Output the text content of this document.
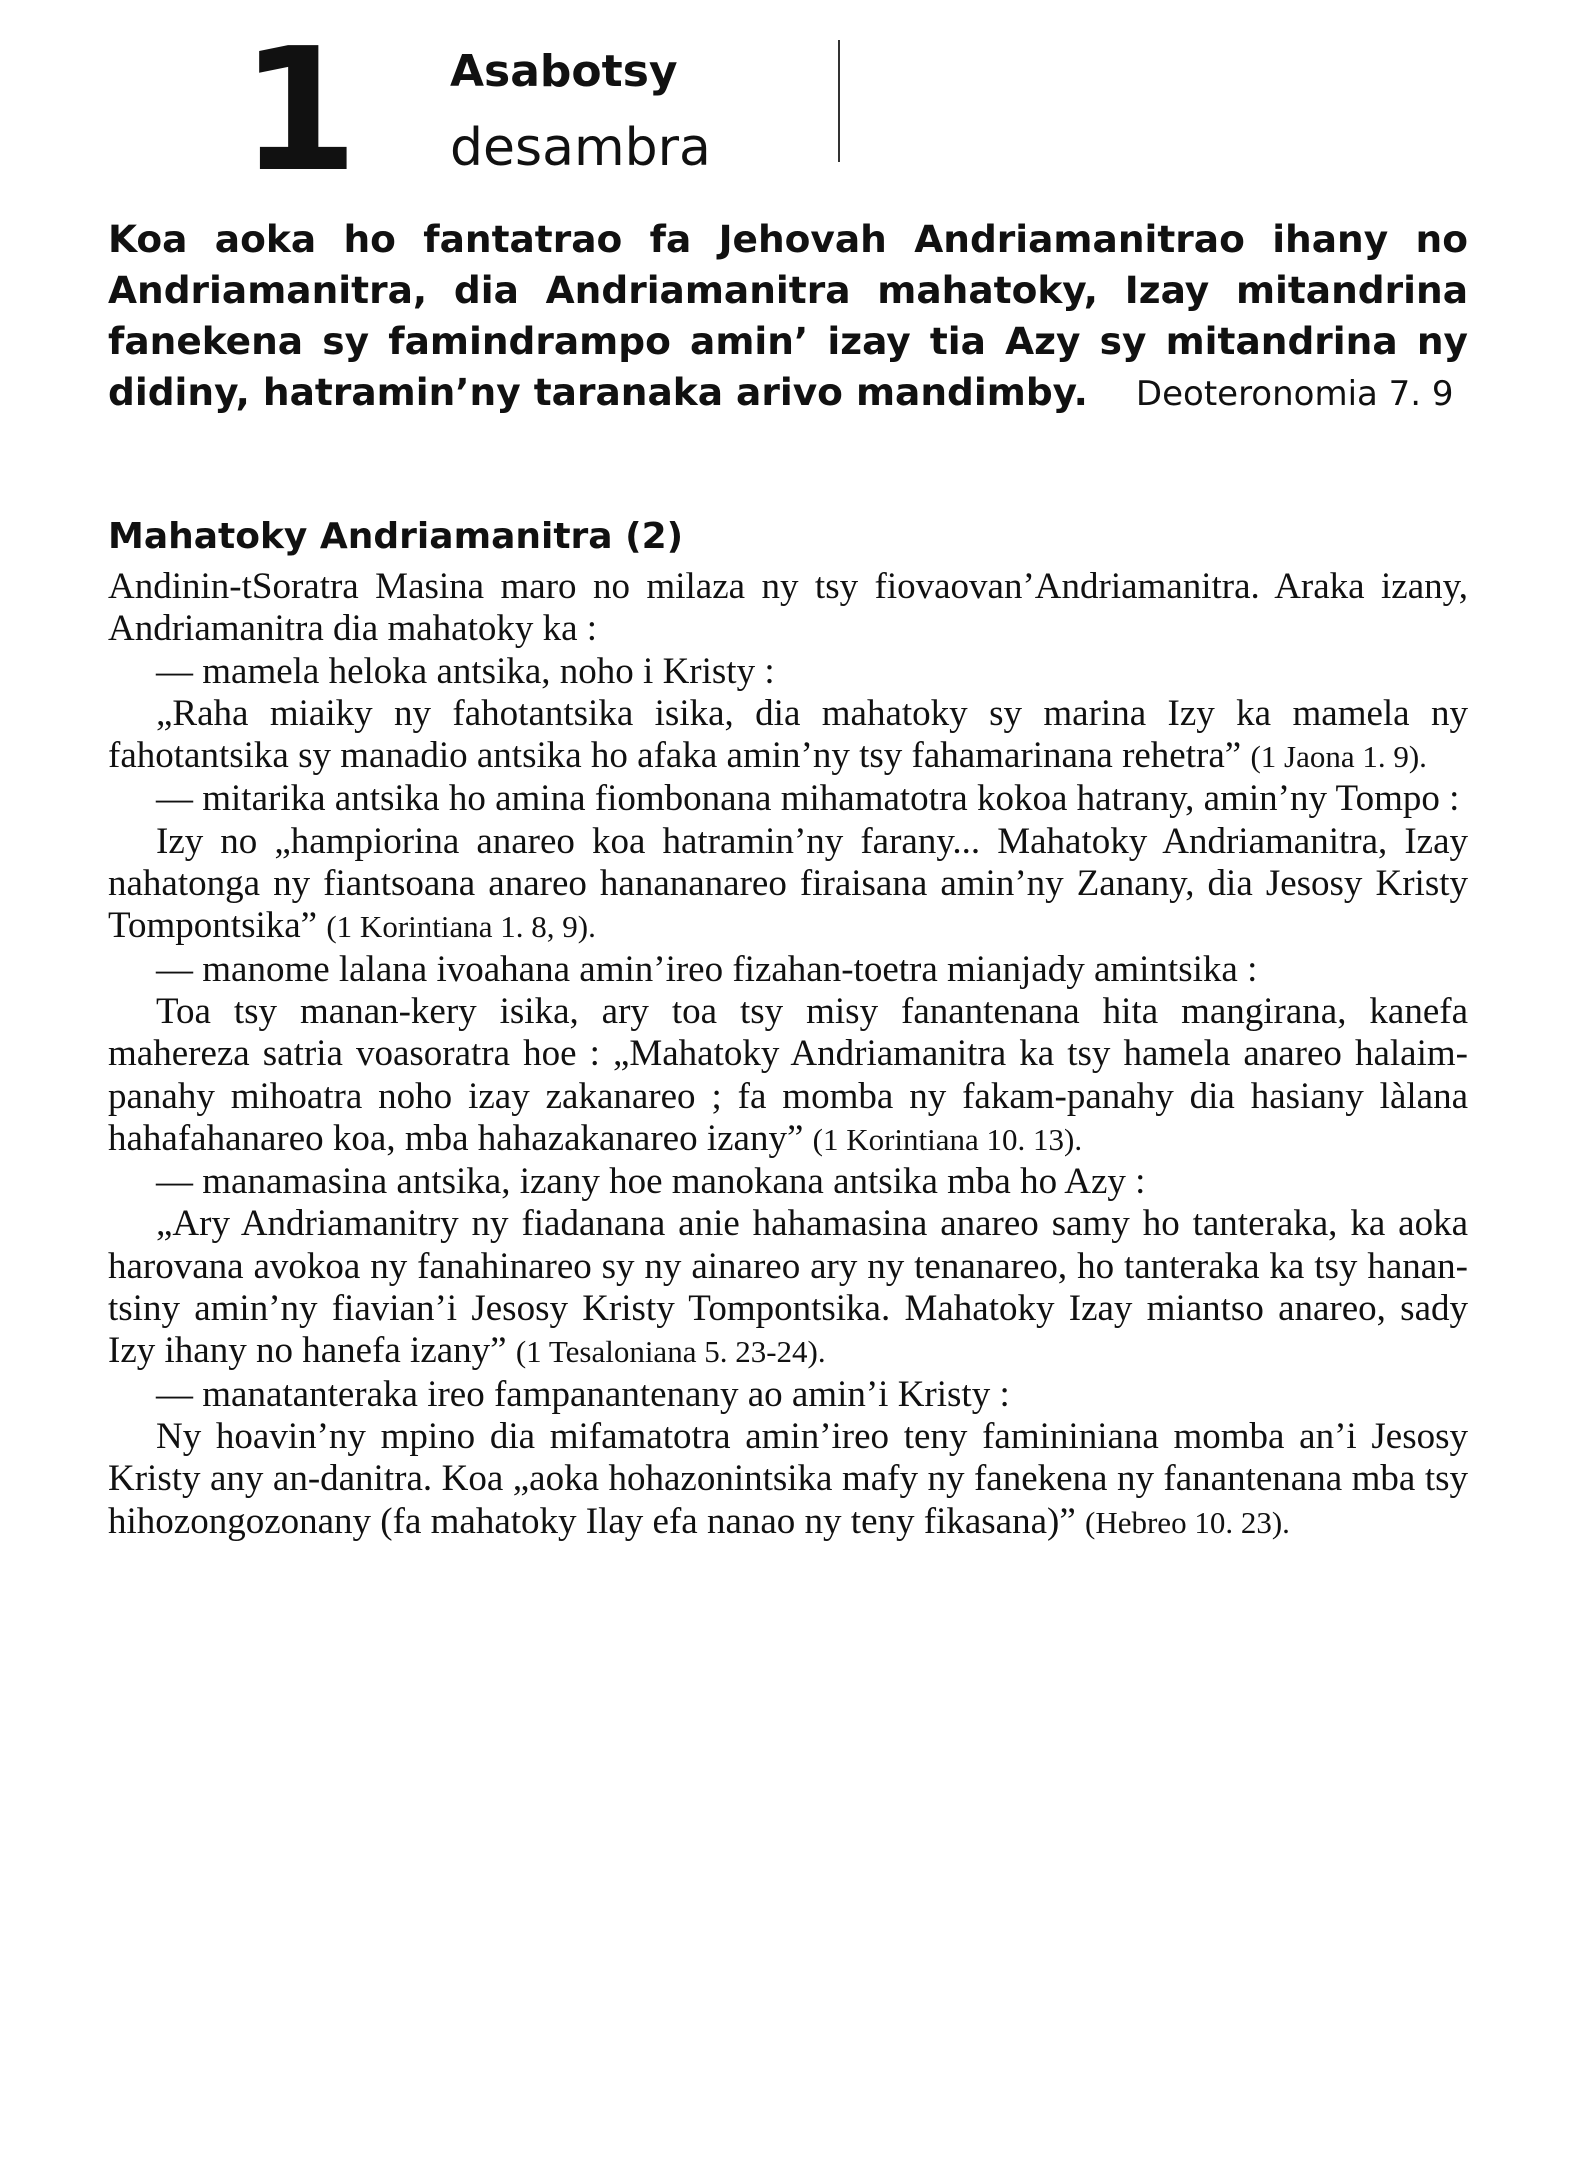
1 Asabotsy
desambra
Koa aoka ho fantatrao fa Jehovah Andriamanitrao ihany no Andriamanitra, dia Andriamanitra mahatoky, Izay mitandrina fanekena sy famindrampo amin’ izay tia Azy sy mitandrina ny didiny, hatramin’ny taranaka arivo mandimby. Deoteronomia 7. 9
Mahatoky Andriamanitra (2)

Andinin-tSoratra Masina maro no milaza ny tsy fiovaovan’Andriamanitra. Araka izany, Andriamanitra dia mahatoky ka :

— mamela heloka antsika, noho i Kristy :

„Raha miaiky ny fahotantsika isika, dia mahatoky sy marina Izy ka mamela ny fahotantsika sy manadio antsika ho afaka amin’ny tsy fahamarinana rehetra” (1 Jaona 1. 9).

— mitarika antsika ho amina fiombonana mihamatotra kokoa hatrany, amin’ny Tompo :

Izy no „hampiorina anareo koa hatramin’ny farany... Mahatoky Andriamanitra, Izay nahatonga ny fiantsoana anareo hanananareo firaisana amin’ny Zanany, dia Jesosy Kristy Tompontsika” (1 Korintiana 1. 8, 9).

— manome lalana ivoahana amin’ireo fizahan-toetra mianjady amintsika :

Toa tsy manan-kery isika, ary toa tsy misy fanantenana hita mangirana, kanefa mahereza satria voasoratra hoe : „Mahatoky Andriamanitra ka tsy hamela anareo halaim-panahy mihoatra noho izay zakanareo ; fa momba ny fakam-panahy dia hasiany làlana hahafahanareo koa, mba hahazakanareo izany” (1 Korintiana 10. 13).

— manamasina antsika, izany hoe manokana antsika mba ho Azy :

„Ary Andriamanitry ny fiadanana anie hahamasina anareo samy ho tanteraka, ka aoka harovana avokoa ny fanahinareo sy ny ainareo ary ny tenanareo, ho tanteraka ka tsy hanan-tsiny amin’ny fiavian’i Jesosy Kristy Tompontsika. Mahatoky Izay miantso anareo, sady Izy ihany no hanefa izany” (1 Tesaloniana 5. 23-24).

— manatanteraka ireo fampanantenany ao amin’i Kristy :

Ny hoavin’ny mpino dia mifamatotra amin’ireo teny famininiana momba an’i Jesosy Kristy any an-danitra. Koa „aoka hohazonintsika mafy ny fanekena ny fanantenana mba tsy hihozongozonany (fa mahatoky Ilay efa nanao ny teny fikasana)” (Hebreo 10. 23).
